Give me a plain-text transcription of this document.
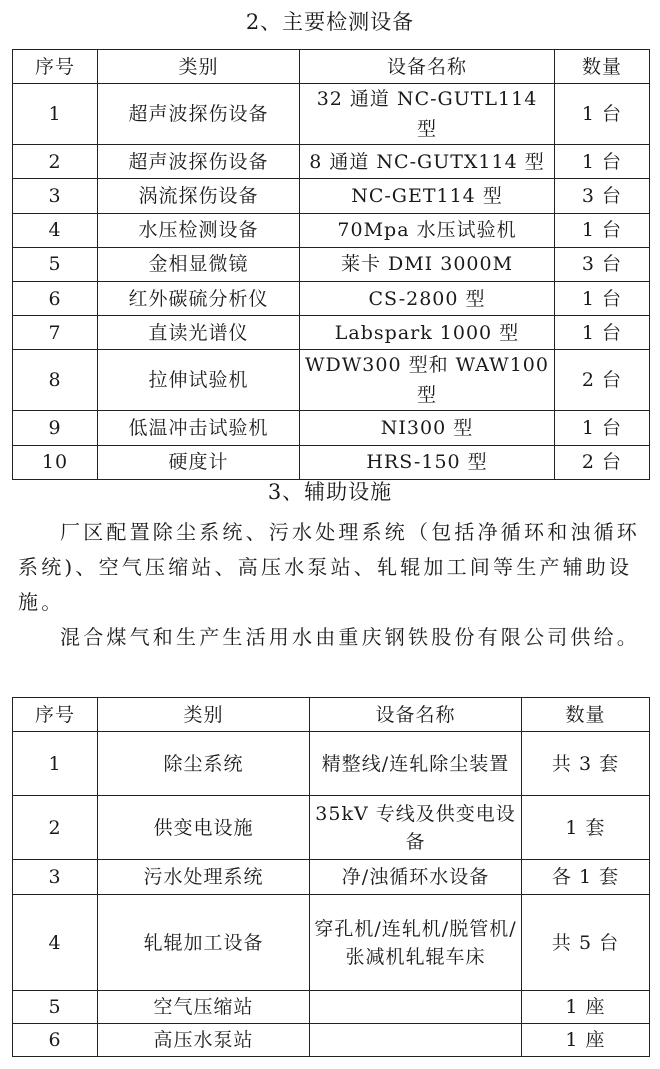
2、主要检测设备
序号	类别	设备名称	数量
1	超声波探伤设备	32 通道 NC-GUTL114 型	1 台
2	超声波探伤设备	8 通道 NC-GUTX114 型	1 台
3	涡流探伤设备	NC-GET114 型	3 台
4	水压检测设备	70Mpa 水压试验机	1 台
5	金相显微镜	莱卡 DMI 3000M	3 台
6	红外碳硫分析仪	CS-2800 型	1 台
7	直读光谱仪	Labspark 1000 型	1 台
8	拉伸试验机	WDW300 型和 WAW100 型	2 台
9	低温冲击试验机	NI300 型	1 台
10	硬度计	HRS-150 型	2 台
3、辅助设施

厂区配置除尘系统、污水处理系统（包括净循环和浊循环系统)、空气压缩站、高压水泵站、轧辊加工间等生产辅助设施。

混合煤气和生产生活用水由重庆钢铁股份有限公司供给。

序号	类别	设备名称	数量
1	除尘系统	精整线/连轧除尘装置	共 3 套
2	供变电设施	35kV 专线及供变电设备	1 套
3	污水处理系统	净/浊循环水设备	各 1 套
4	轧辊加工设备	穿孔机/连轧机/脱管机/张减机轧辊车床	共 5 台
5	空气压缩站		1 座
6	高压水泵站		1 座
